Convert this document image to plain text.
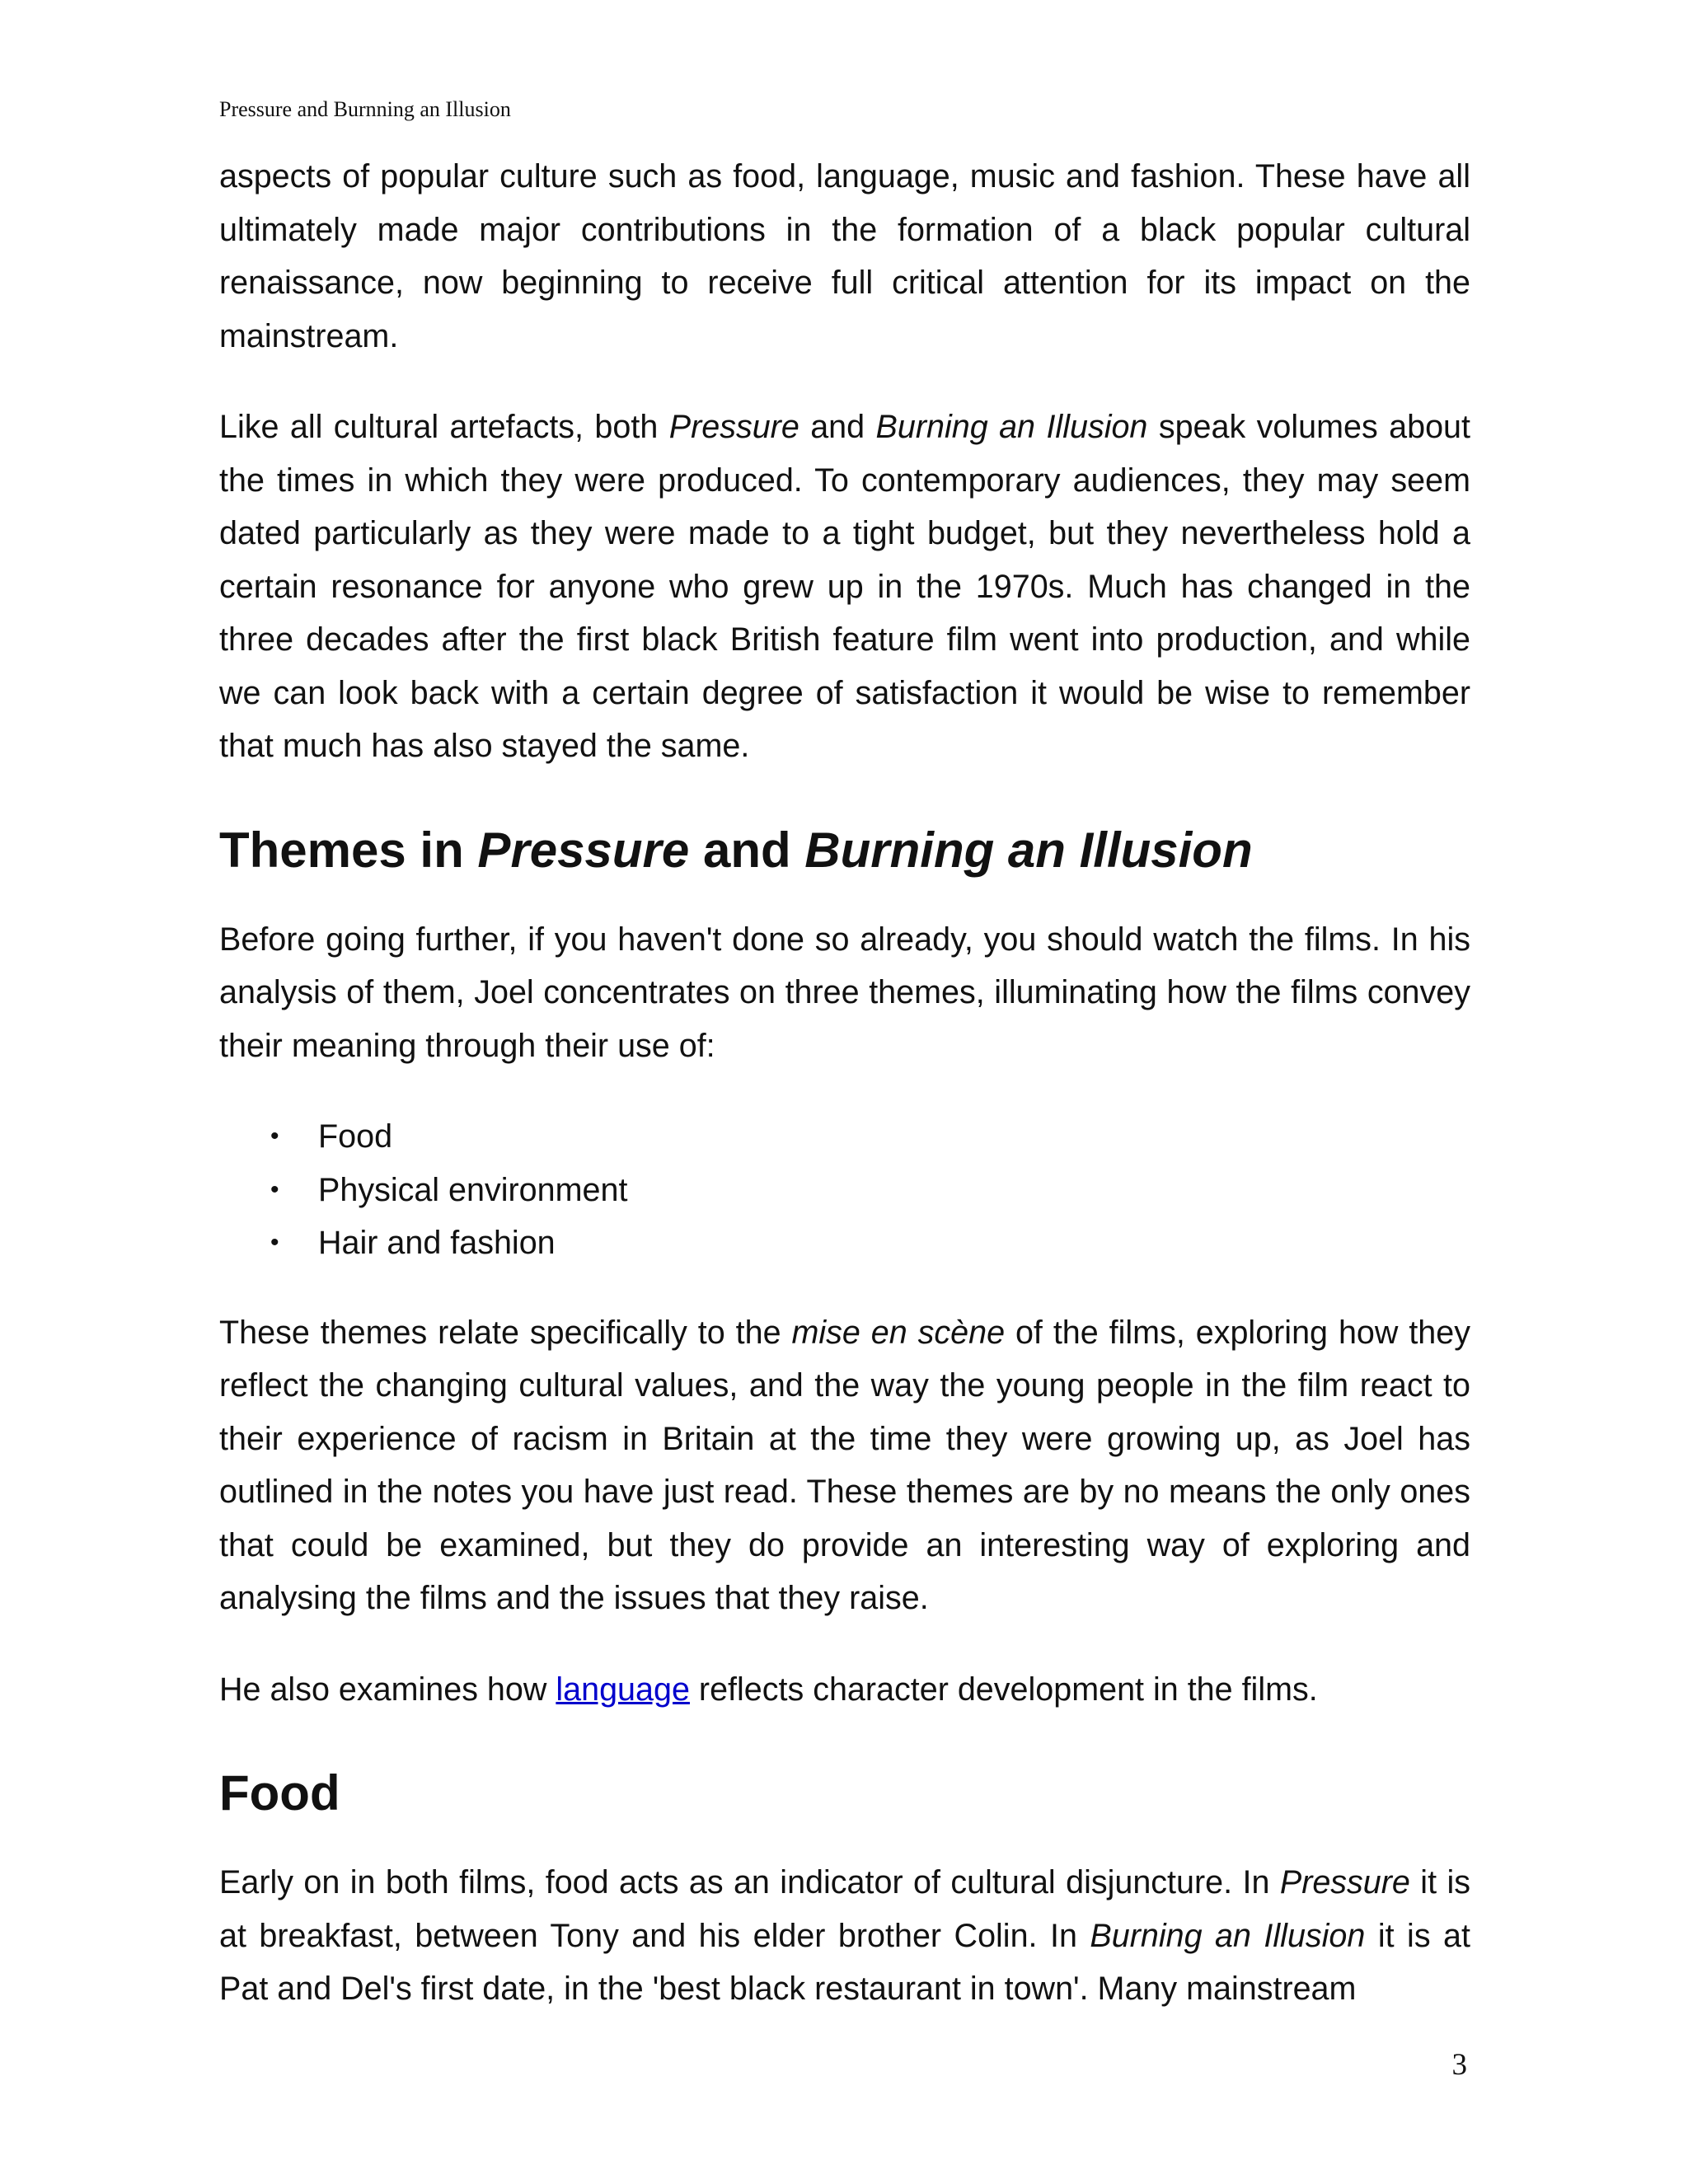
Pressure and Burnning an Illusion

aspects of popular culture such as food, language, music and fashion. These have all ultimately made major contributions in the formation of a black popular cultural renaissance, now beginning to receive full critical attention for its impact on the mainstream.

Like all cultural artefacts, both Pressure and Burning an Illusion speak volumes about the times in which they were produced. To contemporary audiences, they may seem dated particularly as they were made to a tight budget, but they nevertheless hold a certain resonance for anyone who grew up in the 1970s. Much has changed in the three decades after the first black British feature film went into production, and while we can look back with a certain degree of satisfaction it would be wise to remember that much has also stayed the same.

Themes in Pressure and Burning an Illusion

Before going further, if you haven't done so already, you should watch the films. In his analysis of them, Joel concentrates on three themes, illuminating how the films convey their meaning through their use of:

• Food
• Physical environment
• Hair and fashion

These themes relate specifically to the mise en scène of the films, exploring how they reflect the changing cultural values, and the way the young people in the film react to their experience of racism in Britain at the time they were growing up, as Joel has outlined in the notes you have just read. These themes are by no means the only ones that could be examined, but they do provide an interesting way of exploring and analysing the films and the issues that they raise.

He also examines how language reflects character development in the films.

Food

Early on in both films, food acts as an indicator of cultural disjuncture. In Pressure it is at breakfast, between Tony and his elder brother Colin. In Burning an Illusion it is at Pat and Del's first date, in the 'best black restaurant in town'. Many mainstream

3
